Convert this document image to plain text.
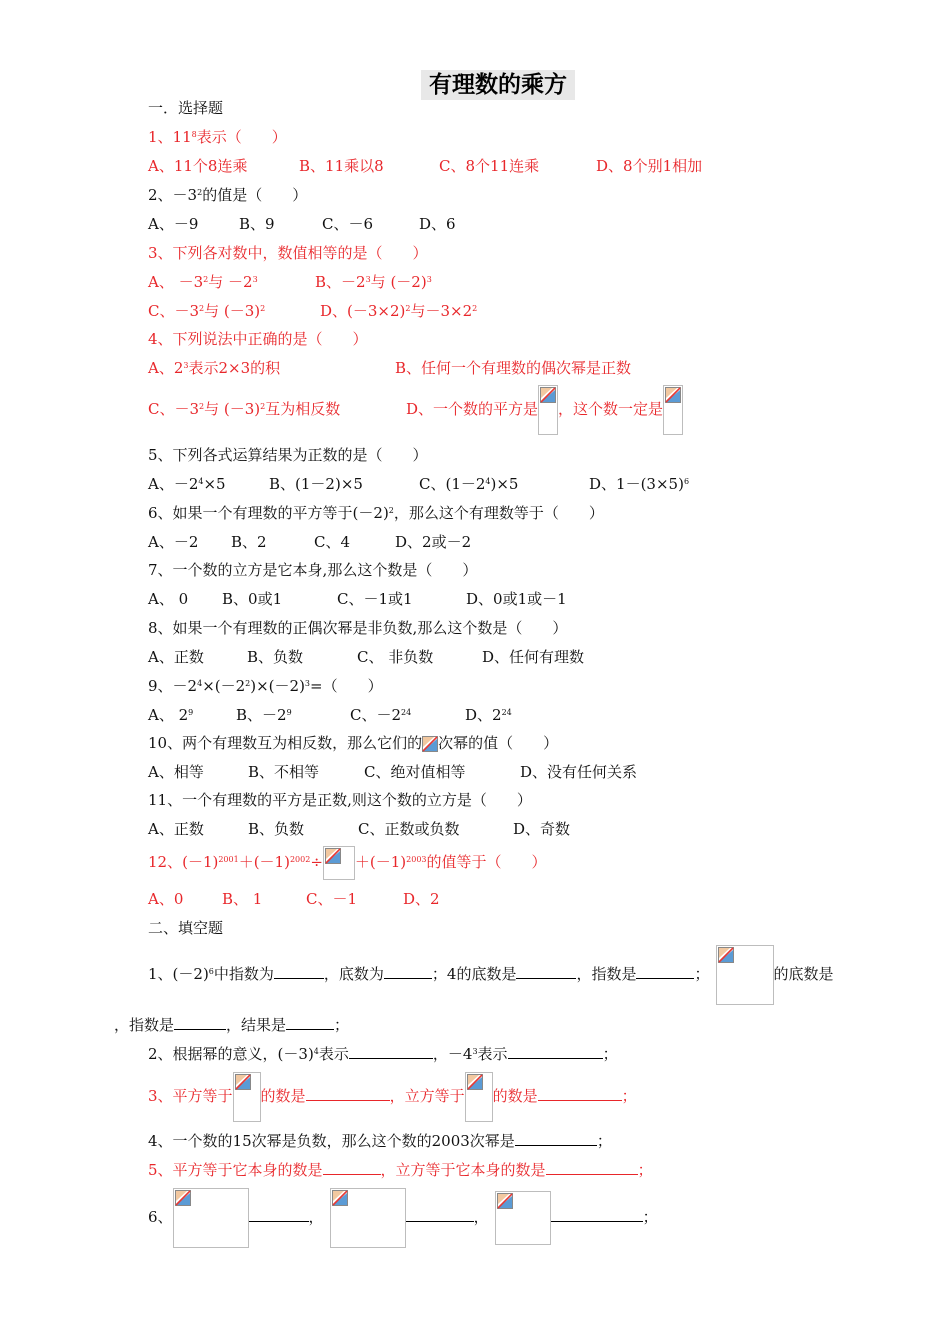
有理数的乘方
一．选择题
1、$11^8$表示（　　）
A、11个8连乘	B、11乘以8	C、8个11连乘	D、8个别1相加
2、$-3^2$的值是（　　）
A、－9	B、9	C、－6	D、6
3、下列各对数中，数值相等的是（　　）
A、 $-3^2$与 $-2^3$	B、$-2^3$与 $(-2)^3$
C、$-3^2$与 $(-3)^2$	D、$(-3\times 2)^2$与$-3\times 2^2$
4、下列说法中正确的是（　　）
A、$2^3$表示2×3的积	B、任何一个有理数的偶次幂是正数
C、$-3^2$与 $(-3)^2$互为相反数	D、一个数的平方是 ，这个数一定是
5、下列各式运算结果为正数的是（　　）
A、$-2^4\times 5$	B、(1－2)×5	C、$(1-2^4)\times 5$	D、$1-(3\times 5)^6$
6、如果一个有理数的平方等于$(-2)^2$，那么这个有理数等于（　　）
A、－2 B、2	C、4	D、2或－2
7、一个数的立方是它本身,那么这个数是（　　）
A、 0 B、0或1	C、－1或1	D、0或1或－1
8、如果一个有理数的正偶次幂是非负数,那么这个数是（　　）
A、正数	B、负数	C、 非负数	D、任何有理数
9、$-2^4\times(-2^2)\times(-2)^3=$（　　）
A、 $2^9$	B、$-2^9$	C、$-2^{24}$	D、$2^{24}$
10、两个有理数互为相反数，那么它们的 次幂的值（　　）
A、相等	B、不相等	C、绝对值相等	D、没有任何关系
11、一个有理数的平方是正数,则这个数的立方是（　　）
A、正数	B、负数	C、正数或负数	D、奇数
12、$(-1)^{2001}+(-1)^{2002}\div +(-1)^{2003}$的值等于（　　）
A、0	B、 1	C、－1	D、2
二、填空题
1、$(-2)^6$中指数为	，底数为	；4的底数是	，指数是	；	的底数是
，指数是	，结果是	；
2、根据幂的意义，$(-3)^4$表示	，$-4^3$表示	；
3、平方等于 的数是	，立方等于 的数是	；
4、一个数的15次幂是负数，那么这个数的2003次幂是	；
5、平方等于它本身的数是	，立方等于它本身的数是	；
6、	，	，	；
